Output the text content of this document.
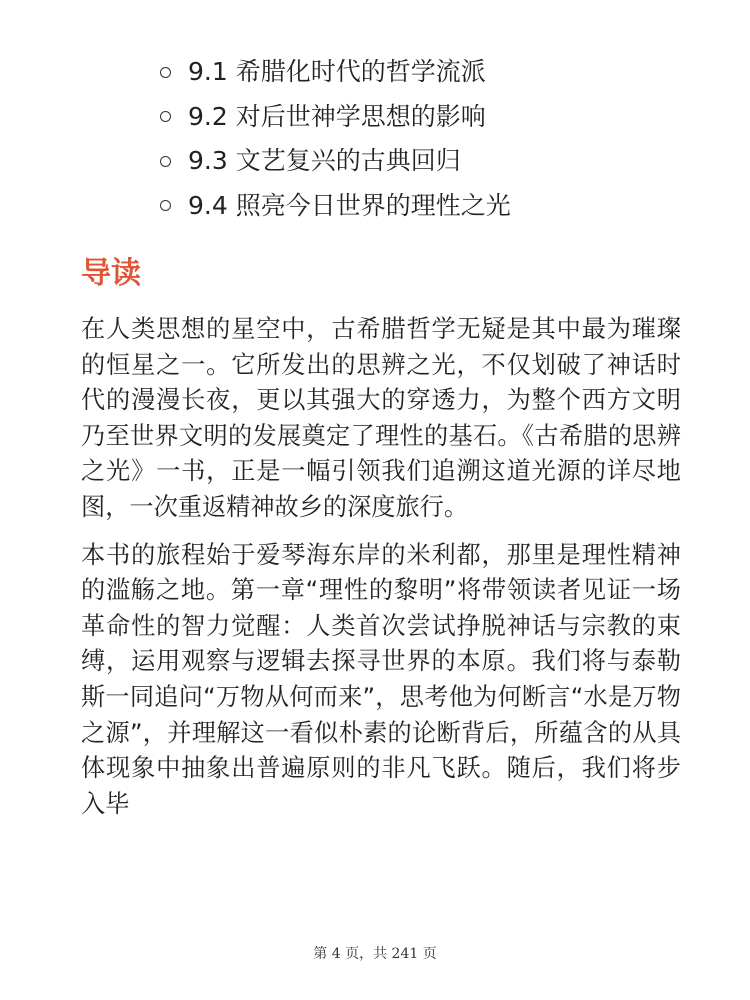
9.1 希腊化时代的哲学流派
9.2 对后世神学思想的影响
9.3 文艺复兴的古典回归
9.4 照亮今日世界的理性之光
导读

在人类思想的星空中，古希腊哲学无疑是其中最为璀璨的恒星之一。它所发出的思辨之光，不仅划破了神话时代的漫漫长夜，更以其强大的穿透力，为整个西方文明乃至世界文明的发展奠定了理性的基石。《古希腊的思辨之光》一书，正是一幅引领我们追溯这道光源的详尽地图，一次重返精神故乡的深度旅行。

本书的旅程始于爱琴海东岸的米利都，那里是理性精神的滥觞之地。第一章“理性的黎明”将带领读者见证一场革命性的智力觉醒：人类首次尝试挣脱神话与宗教的束缚，运用观察与逻辑去探寻世界的本原。我们将与泰勒斯一同追问“万物从何而来”，思考他为何断言“水是万物之源”，并理解这一看似朴素的论断背后，所蕴含的从具体现象中抽象出普遍原则的非凡飞跃。随后，我们将步入毕

第 4 页，共 241 页
